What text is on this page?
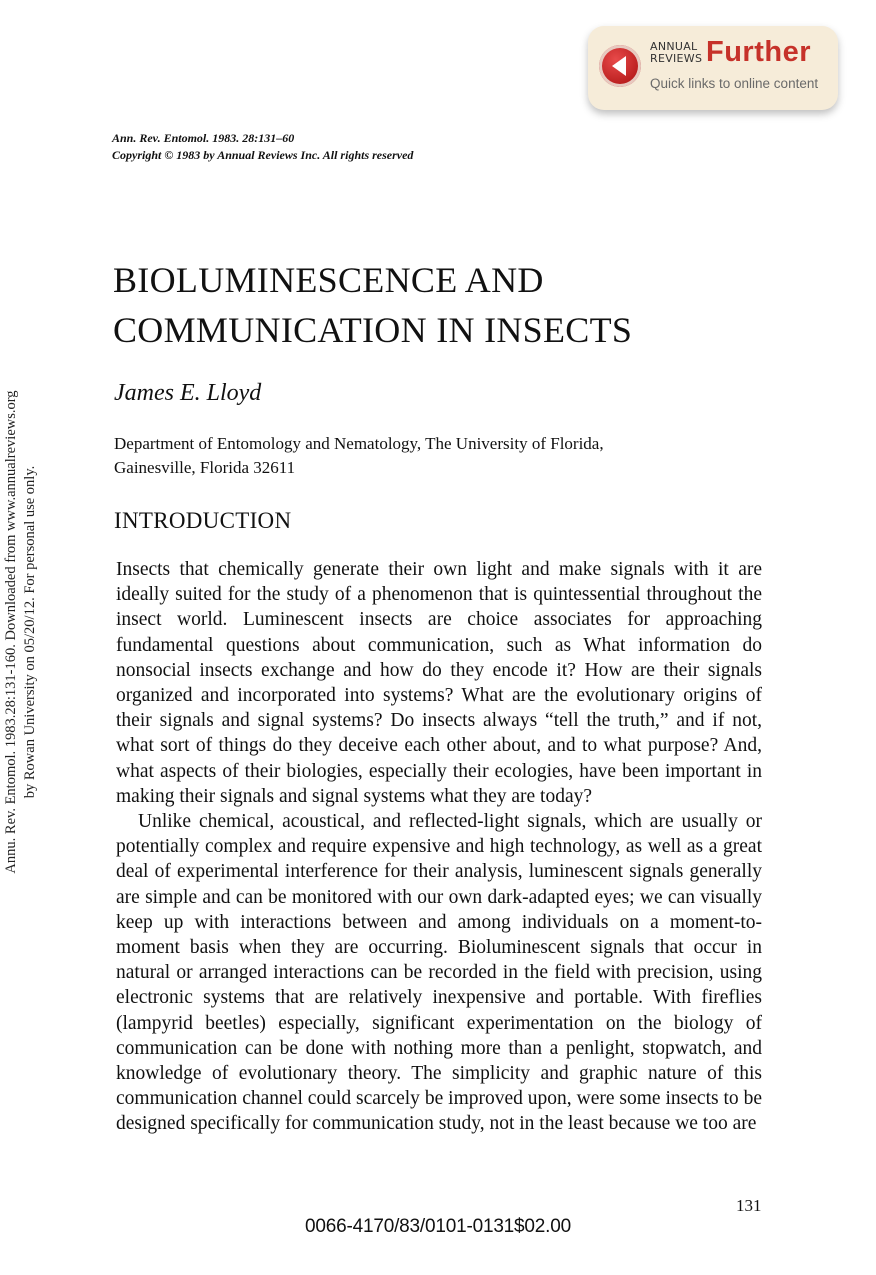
Annu. Rev. Entomol. 1983.28:131-160. Downloaded from www.annualreviews.org by Rowan University on 05/20/12. For personal use only.
ANNUAL
REVIEWS Further
Quick links to online content
Ann. Rev. Entomol. 1983. 28:131–60
Copyright © 1983 by Annual Reviews Inc. All rights reserved
BIOLUMINESCENCE AND
COMMUNICATION IN INSECTS
James E. Lloyd
Department of Entomology and Nematology, The University of Florida,
Gainesville, Florida 32611
INTRODUCTION

Insects that chemically generate their own light and make signals with it are ideally suited for the study of a phenomenon that is quintessential throughout the insect world. Luminescent insects are choice associates for approaching fundamental questions about communication, such as What information do nonsocial insects exchange and how do they encode it? How are their signals organized and incorporated into systems? What are the evolutionary origins of their signals and signal systems? Do insects always “tell the truth,” and if not, what sort of things do they deceive each other about, and to what purpose? And, what aspects of their biologies, especially their ecologies, have been important in making their signals and signal systems what they are today?

Unlike chemical, acoustical, and reflected-light signals, which are usually or potentially complex and require expensive and high technology, as well as a great deal of experimental interference for their analysis, luminescent signals generally are simple and can be monitored with our own dark-adapted eyes; we can visually keep up with interactions between and among individuals on a moment-to-moment basis when they are occurring. Bioluminescent signals that occur in natural or arranged interactions can be recorded in the field with precision, using electronic systems that are relatively inexpensive and portable. With fireflies (lampyrid beetles) especially, significant experimentation on the biology of communication can be done with nothing more than a penlight, stopwatch, and knowledge of evolutionary theory. The simplicity and graphic nature of this communication channel could scarcely be improved upon, were some insects to be designed specifically for communication study, not in the least because we too are

131
0066-4170/83/0101-0131$02.00
